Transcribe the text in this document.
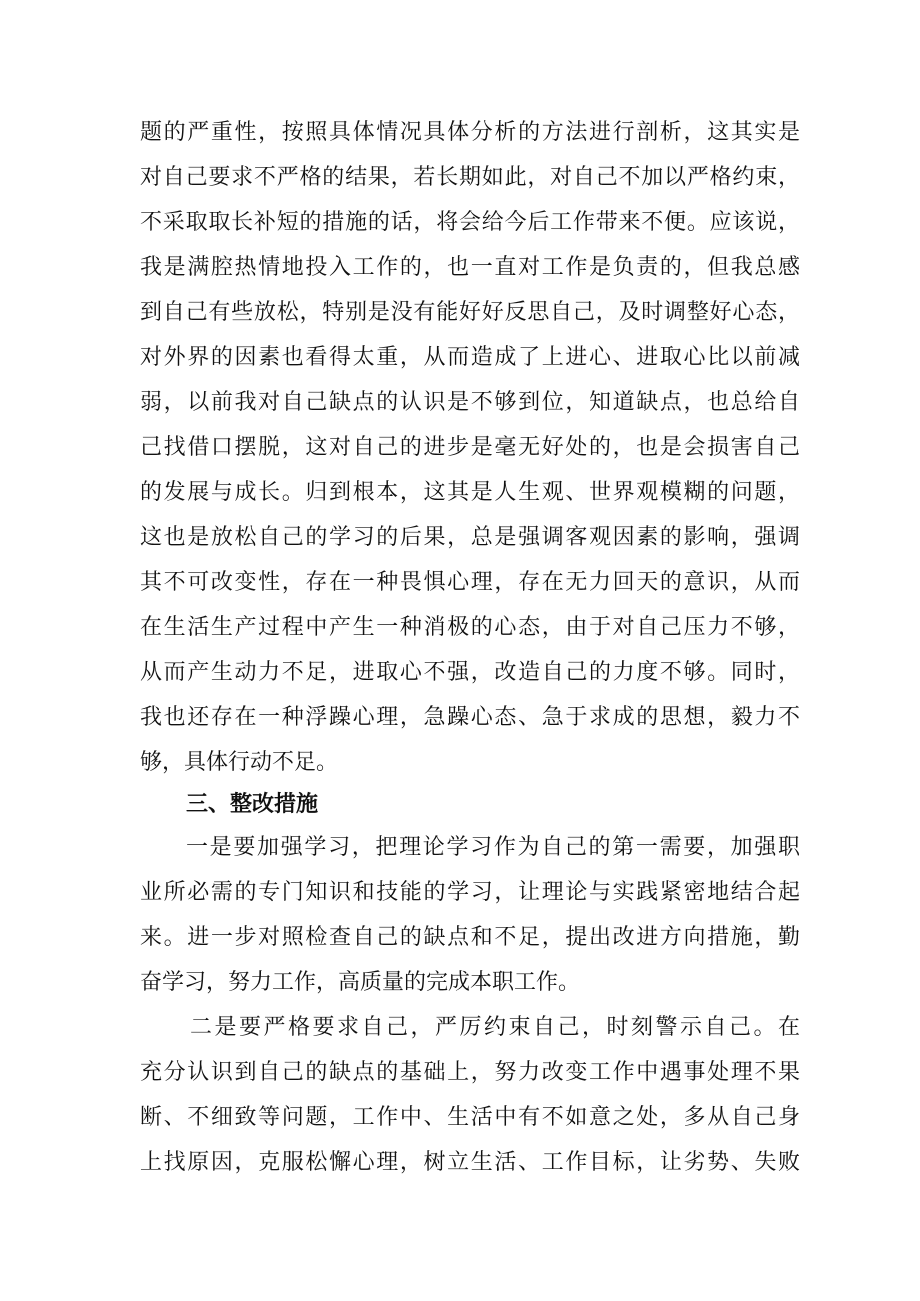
题的严重性，按照具体情况具体分析的方法进行剖析，这其实是
对自己要求不严格的结果，若长期如此，对自己不加以严格约束，
不采取取长补短的措施的话，将会给今后工作带来不便。应该说，
我是满腔热情地投入工作的，也一直对工作是负责的，但我总感
到自己有些放松，特别是没有能好好反思自己，及时调整好心态，
对外界的因素也看得太重，从而造成了上进心、进取心比以前减
弱，以前我对自己缺点的认识是不够到位，知道缺点，也总给自
己找借口摆脱，这对自己的进步是毫无好处的，也是会损害自己
的发展与成长。归到根本，这其是人生观、世界观模糊的问题，
这也是放松自己的学习的后果，总是强调客观因素的影响，强调
其不可改变性，存在一种畏惧心理，存在无力回天的意识，从而
在生活生产过程中产生一种消极的心态，由于对自己压力不够，
从而产生动力不足，进取心不强，改造自己的力度不够。同时，
我也还存在一种浮躁心理，急躁心态、急于求成的思想，毅力不
够，具体行动不足。
三、整改措施
一是要加强学习，把理论学习作为自己的第一需要，加强职
业所必需的专门知识和技能的学习，让理论与实践紧密地结合起
来。进一步对照检查自己的缺点和不足，提出改进方向措施，勤
奋学习，努力工作，高质量的完成本职工作。
二是要严格要求自己，严厉约束自己，时刻警示自己。在
充分认识到自己的缺点的基础上，努力改变工作中遇事处理不果
断、不细致等问题，工作中、生活中有不如意之处，多从自己身
上找原因，克服松懈心理，树立生活、工作目标，让劣势、失败
